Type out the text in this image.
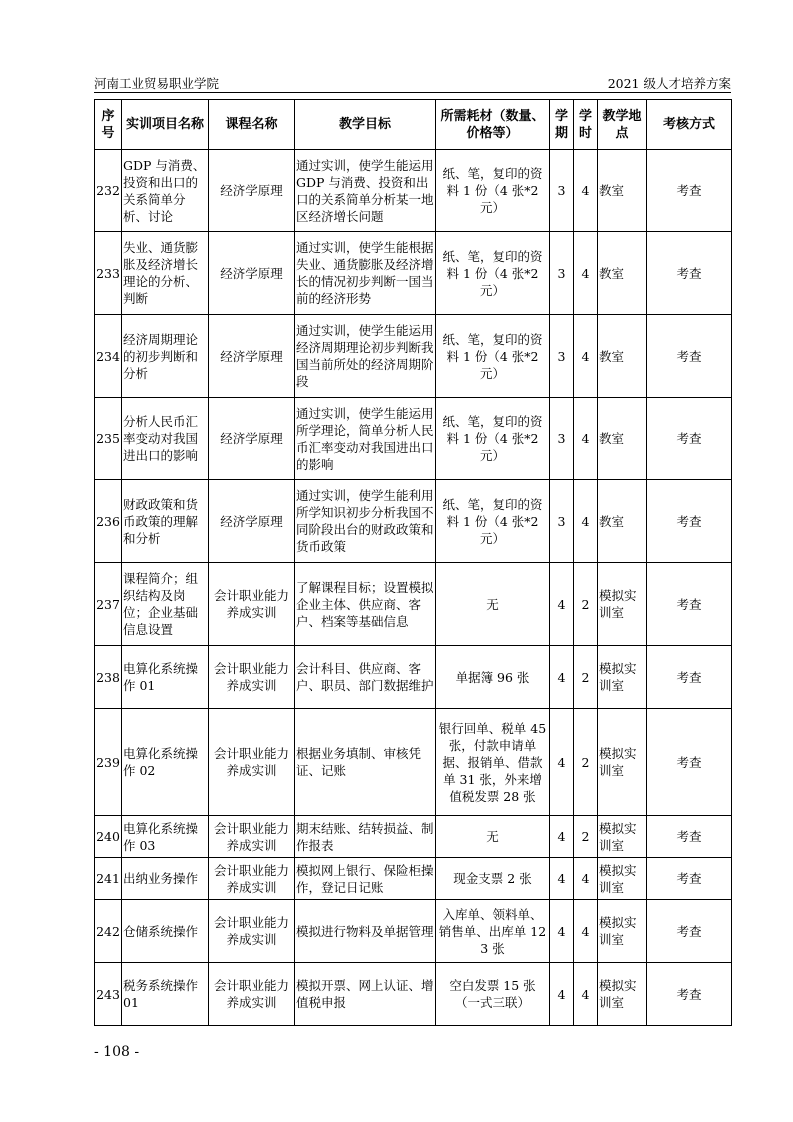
河南工业贸易职业学院	2021 级人才培养方案
序号	实训项目名称	课程名称	教学目标	所需耗材（数量、价格等）	学期	学时	教学地点	考核方式
232	GDP 与消费、投资和出口的关系简单分析、讨论	经济学原理	通过实训，使学生能运用 GDP 与消费、投资和出口的关系简单分析某一地区经济增长问题	纸、笔，复印的资料 1 份（4 张*2 元）	3	4	教室	考查
233	失业、通货膨胀及经济增长理论的分析、判断	经济学原理	通过实训，使学生能根据失业、通货膨胀及经济增长的情况初步判断一国当前的经济形势	纸、笔，复印的资料 1 份（4 张*2 元）	3	4	教室	考查
234	经济周期理论的初步判断和分析	经济学原理	通过实训，使学生能运用经济周期理论初步判断我国当前所处的经济周期阶段	纸、笔，复印的资料 1 份（4 张*2 元）	3	4	教室	考查
235	分析人民币汇率变动对我国进出口的影响	经济学原理	通过实训，使学生能运用所学理论，简单分析人民币汇率变动对我国进出口的影响	纸、笔，复印的资料 1 份（4 张*2 元）	3	4	教室	考查
236	财政政策和货币政策的理解和分析	经济学原理	通过实训，使学生能利用所学知识初步分析我国不同阶段出台的财政政策和货币政策	纸、笔，复印的资料 1 份（4 张*2 元）	3	4	教室	考查
237	课程简介；组织结构及岗位；企业基础信息设置	会计职业能力养成实训	了解课程目标；设置模拟企业主体、供应商、客户、档案等基础信息	无	4	2	模拟实训室	考查
238	电算化系统操作 01	会计职业能力养成实训	会计科目、供应商、客户、职员、部门数据维护	单据簿 96 张	4	2	模拟实训室	考查
239	电算化系统操作 02	会计职业能力养成实训	根据业务填制、审核凭证、记账	银行回单、税单 45 张，付款申请单据、报销单、借款单 31 张，外来增值税发票 28 张	4	2	模拟实训室	考查
240	电算化系统操作 03	会计职业能力养成实训	期末结账、结转损益、制作报表	无	4	2	模拟实训室	考查
241	出纳业务操作	会计职业能力养成实训	模拟网上银行、保险柜操作，登记日记账	现金支票 2 张	4	4	模拟实训室	考查
242	仓储系统操作	会计职业能力养成实训	模拟进行物料及单据管理	入库单、领料单、销售单、出库单 123 张	4	4	模拟实训室	考查
243	税务系统操作 01	会计职业能力养成实训	模拟开票、网上认证、增值税申报	空白发票 15 张（一式三联）	4	4	模拟实训室	考查
- 108 -
